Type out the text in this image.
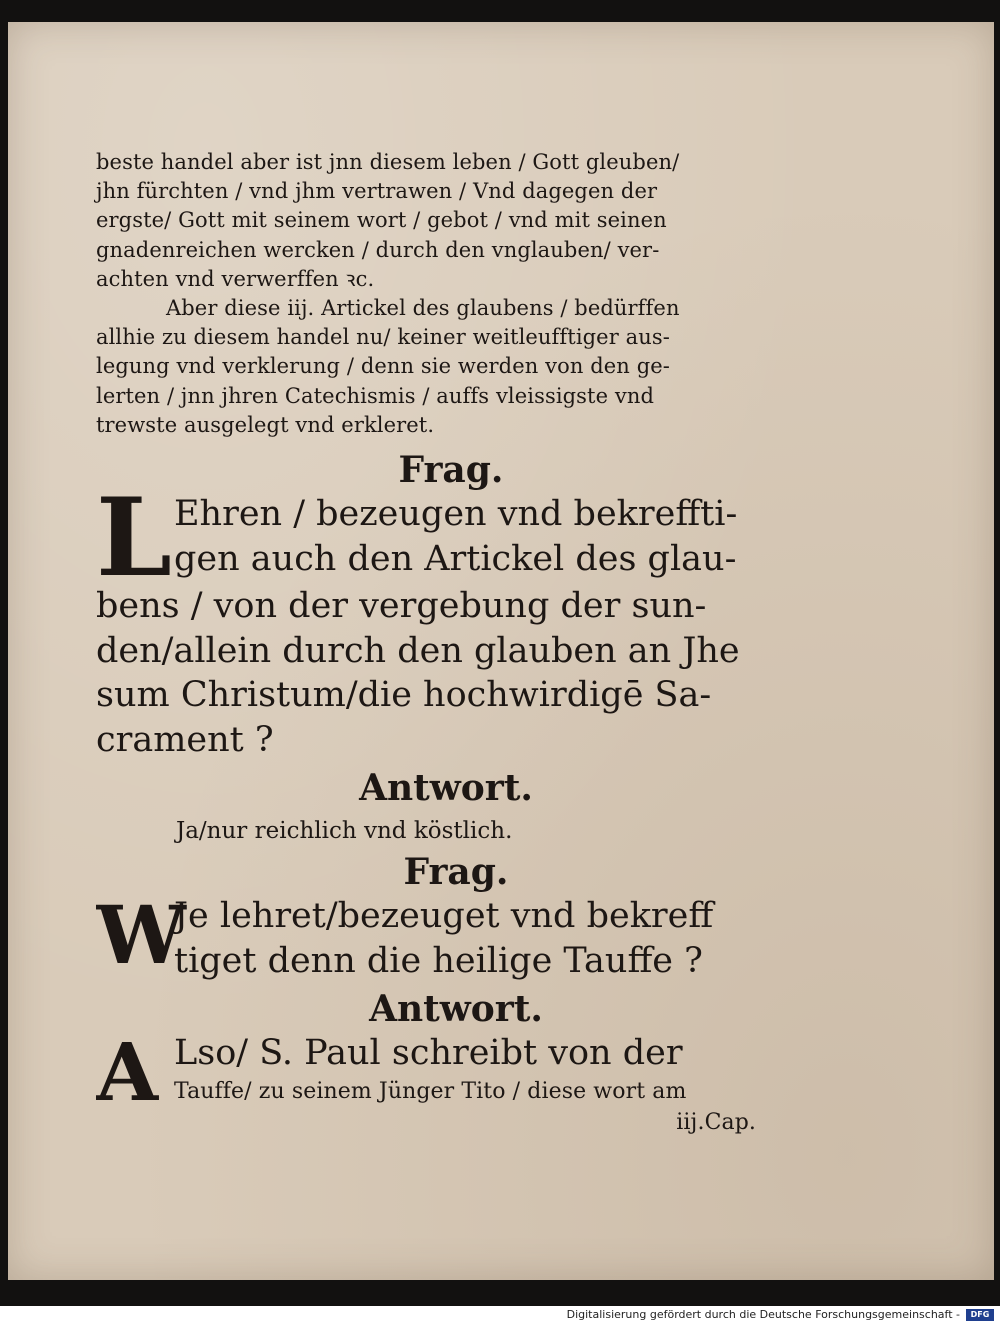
beste handel aber ist jnn diesem leben / Gott gleuben/

jhn fürchten / vnd jhm vertrawen / Vnd dagegen der

ergste/ Gott mit seinem wort / gebot / vnd mit seinen

gnadenreichen wercken / durch den vnglauben/ ver-

achten vnd verwerffen ꝛc.

Aber diese iij. Artickel des glaubens / bedürffen

allhie zu diesem handel nu/ keiner weitleufftiger aus-

legung vnd verklerung / denn sie werden von den ge-

lerten / jnn jhren Catechismis / auffs vleissigste vnd

trewste ausgelegt vnd erkleret.

Frag.

L Ehren / bezeugen vnd bekreffti-

gen auch den Artickel des glau-

bens / von der vergebung der sun-

den/allein durch den glauben an Jhe

sum Christum/die hochwirdigē Sa-

crament ?

Antwort.

Ja/nur reichlich vnd köstlich.

Frag.

W

Je lehret/bezeuget vnd bekreff

tiget denn die heilige Tauffe ?

Antwort.

A Lso/ S. Paul schreibt von der

Tauffe/ zu seinem Jünger Tito / diese wort am

iij.Cap.

Digitalisierung gefördert durch die Deutsche Forschungsgemeinschaft -	DFG
